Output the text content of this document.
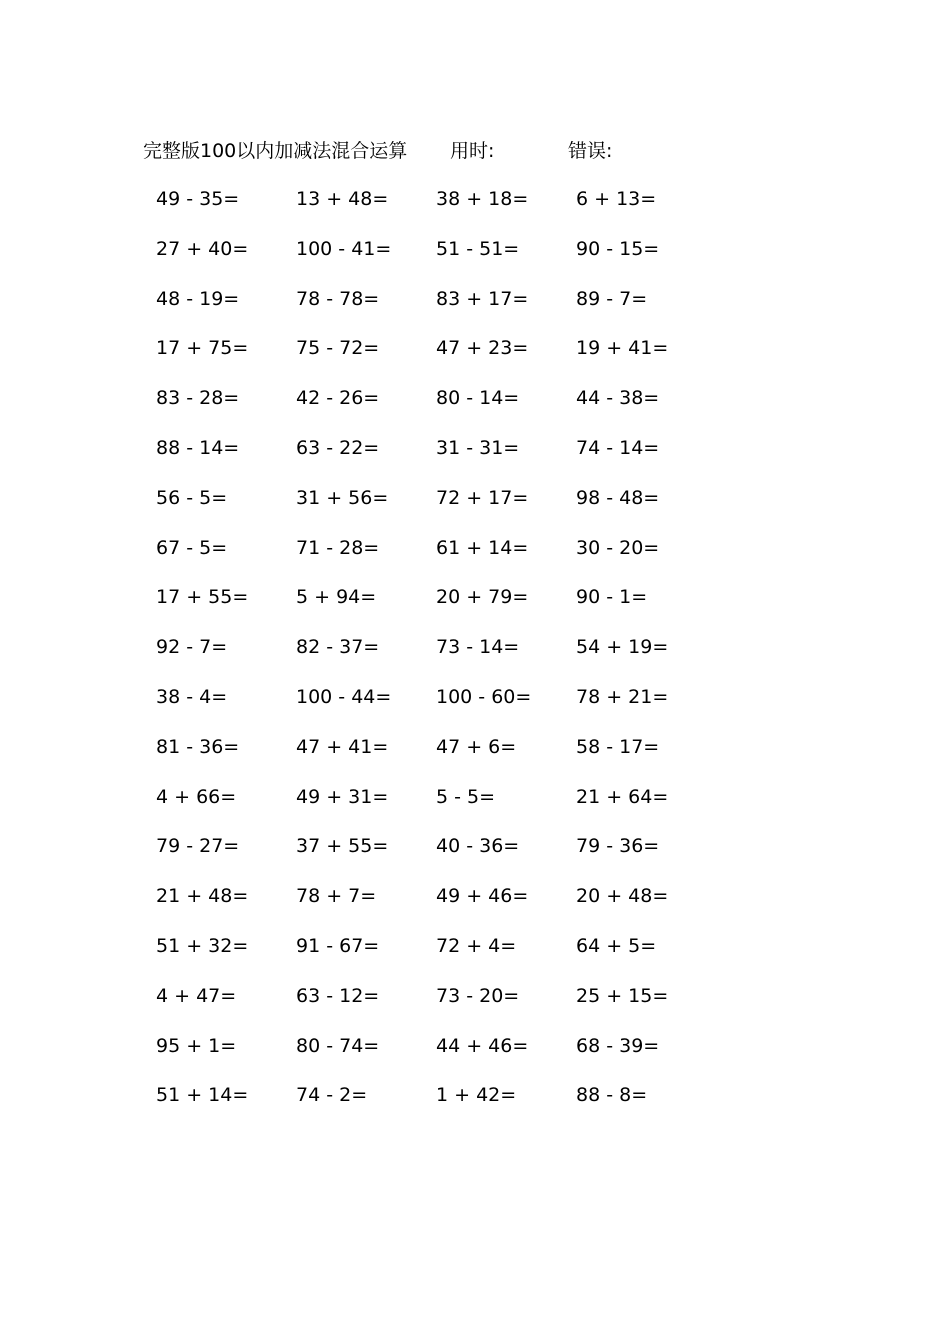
完整版100以内加减法混合运算 用时:	错误:
49 - 35=	13 + 48=	38 + 18=	6 + 13=
27 + 40=	100 - 41=	51 - 51=	90 - 15=
48 - 19=	78 - 78=	83 + 17=	89 - 7=
17 + 75=	75 - 72=	47 + 23=	19 + 41=
83 - 28=	42 - 26=	80 - 14=	44 - 38=
88 - 14=	63 - 22=	31 - 31=	74 - 14=
56 - 5=	31 + 56=	72 + 17=	98 - 48=
67 - 5=	71 - 28=	61 + 14=	30 - 20=
17 + 55=	5 + 94=	20 + 79=	90 - 1=
92 - 7=	82 - 37=	73 - 14=	54 + 19=
38 - 4=	100 - 44=	100 - 60=	78 + 21=
81 - 36=	47 + 41=	47 + 6=	58 - 17=
4 + 66=	49 + 31=	5 - 5=	21 + 64=
79 - 27=	37 + 55=	40 - 36=	79 - 36=
21 + 48=	78 + 7=	49 + 46=	20 + 48=
51 + 32=	91 - 67=	72 + 4=	64 + 5=
4 + 47=	63 - 12=	73 - 20=	25 + 15=
95 + 1=	80 - 74=	44 + 46=	68 - 39=
51 + 14=	74 - 2=	1 + 42=	88 - 8=
